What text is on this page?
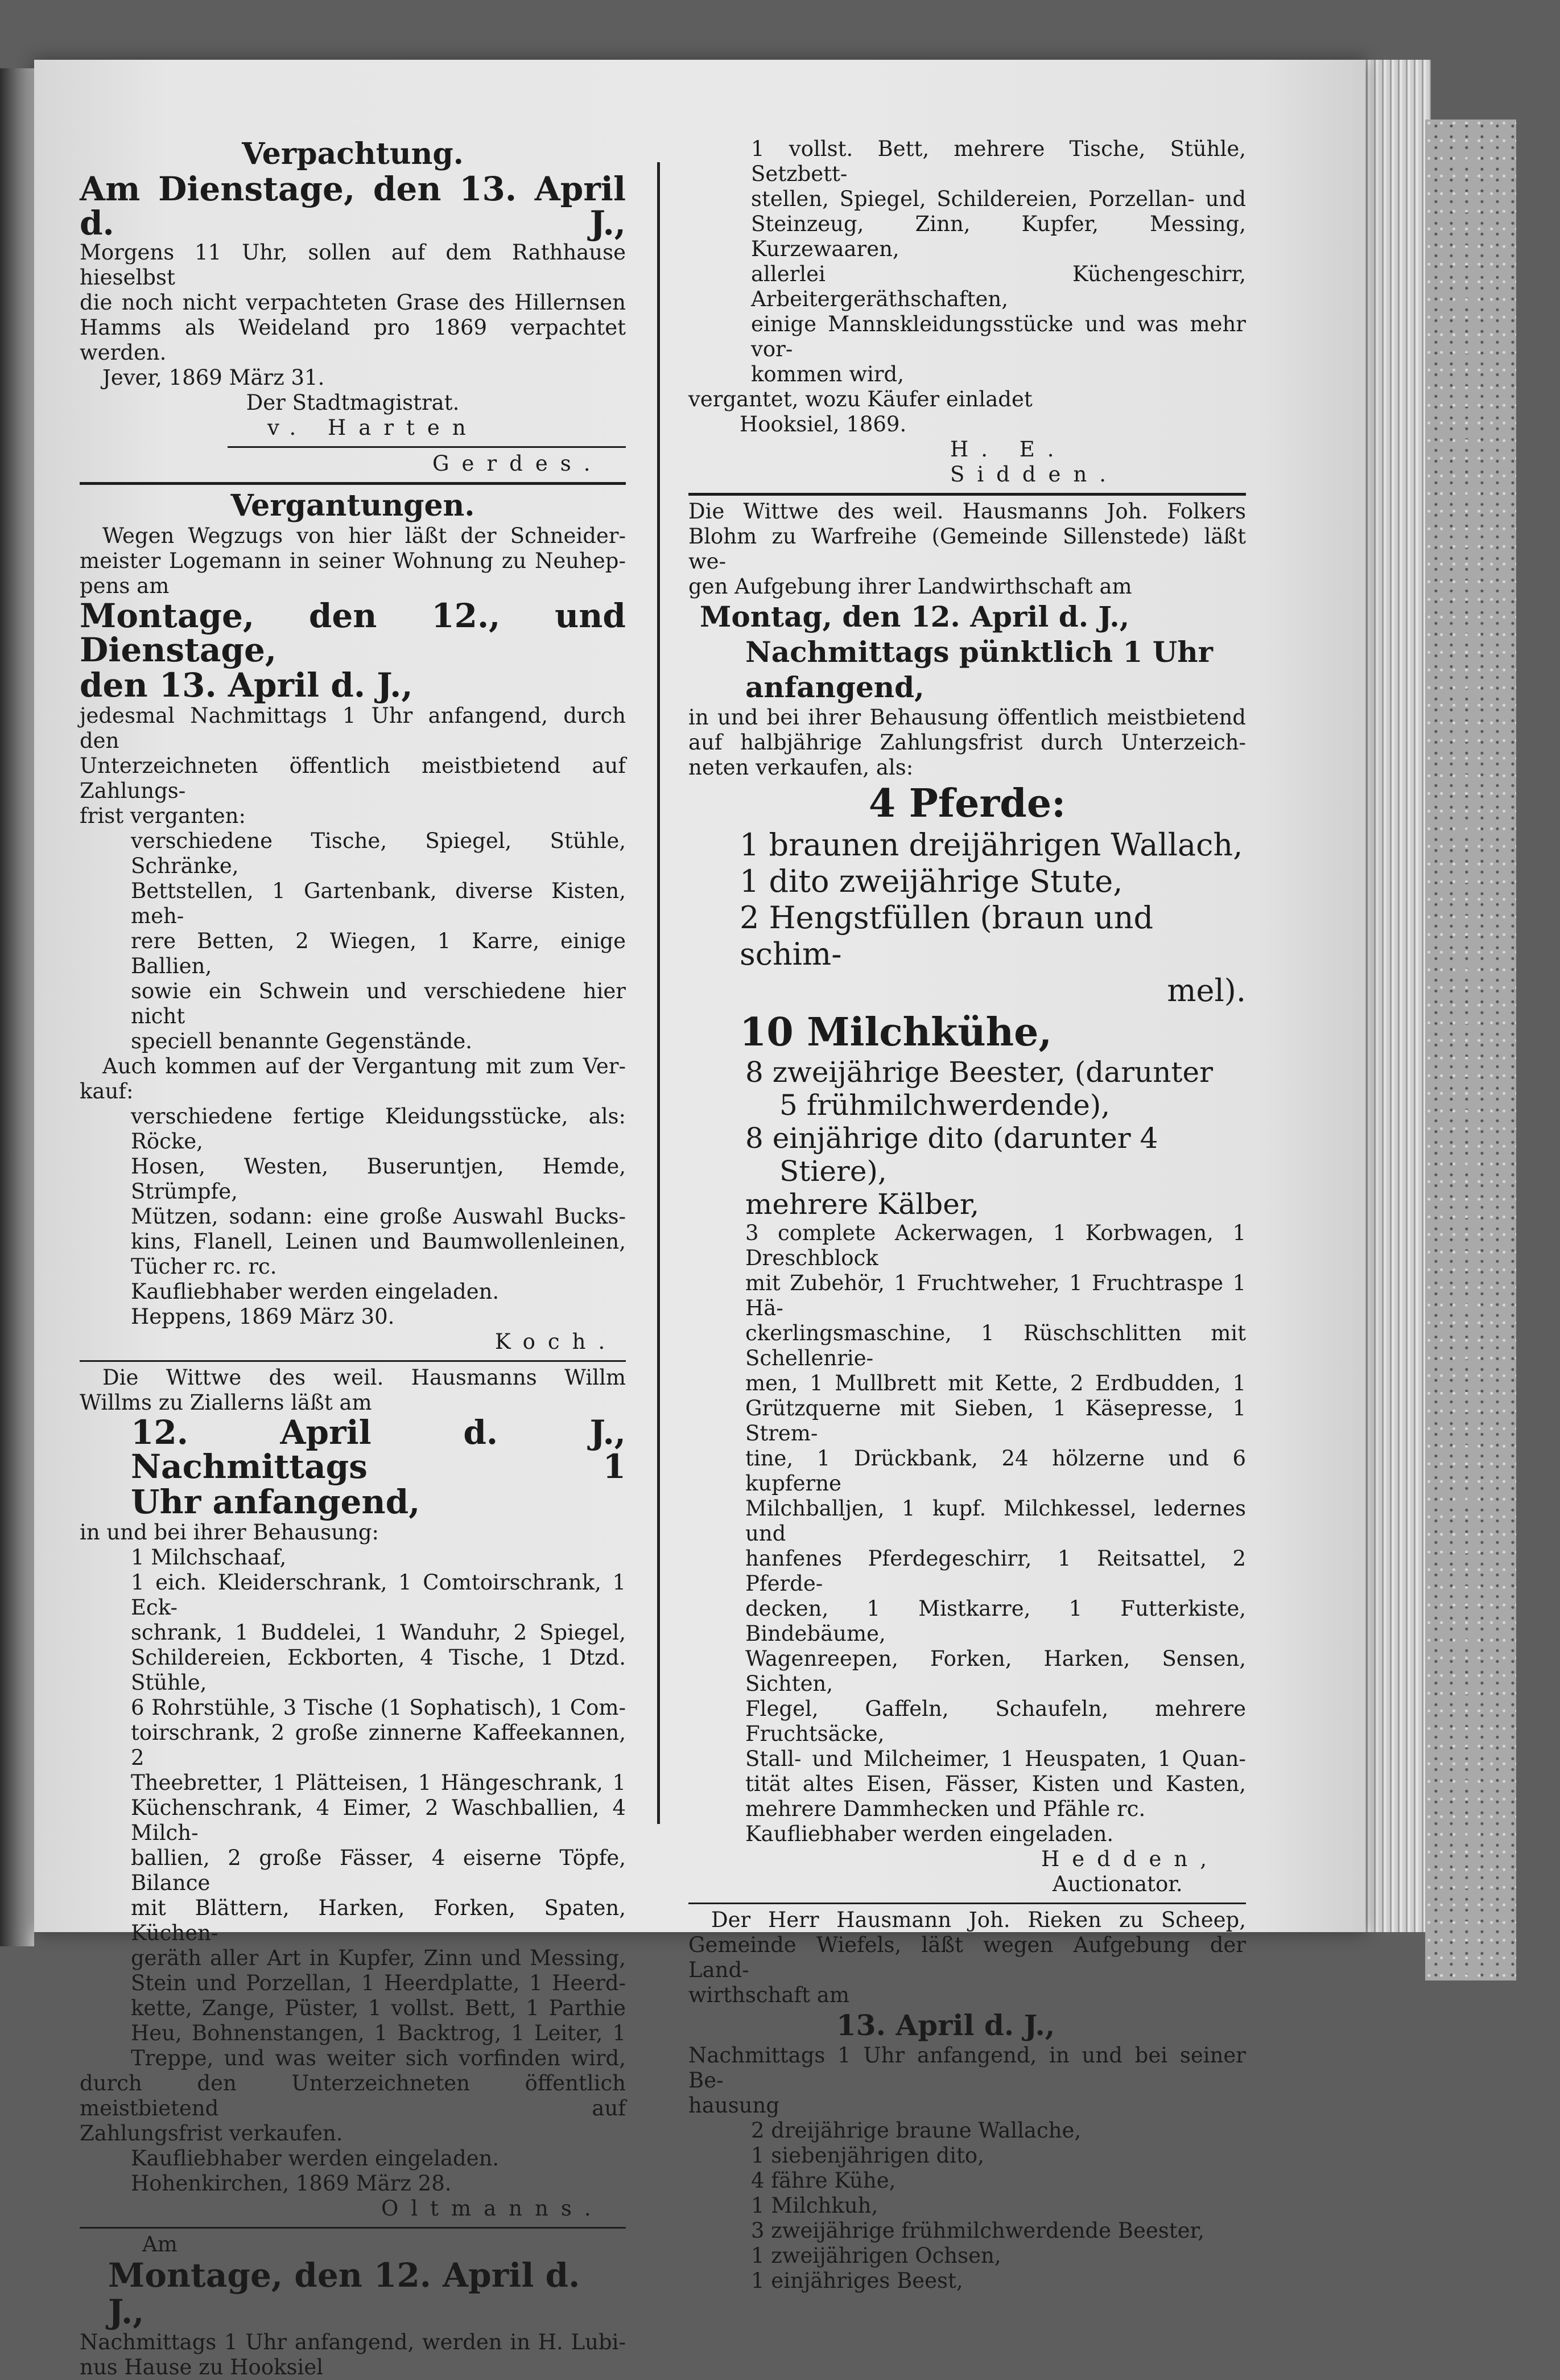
Verpachtung.

Am Dienstage, den 13. April d. J.,

Morgens 11 Uhr, sollen auf dem Rathhause hieselbst

die noch nicht verpachteten Grase des Hillernsen

Hamms als Weideland pro 1869 verpachtet werden.

Jever, 1869 März 31.

Der Stadtmagistrat.

v. Harten

Gerdes.

Vergantungen.

Wegen Wegzugs von hier läßt der Schneider-

meister Logemann in seiner Wohnung zu Neuhep-

pens am

Montage, den 12., und Dienstage,

den 13. April d. J.,

jedesmal Nachmittags 1 Uhr anfangend, durch den

Unterzeichneten öffentlich meistbietend auf Zahlungs-

frist verganten:

verschiedene Tische, Spiegel, Stühle, Schränke,

Bettstellen, 1 Gartenbank, diverse Kisten, meh-

rere Betten, 2 Wiegen, 1 Karre, einige Ballien,

sowie ein Schwein und verschiedene hier nicht

speciell benannte Gegenstände.

Auch kommen auf der Vergantung mit zum Ver-

kauf:

verschiedene fertige Kleidungsstücke, als: Röcke,

Hosen, Westen, Buseruntjen, Hemde, Strümpfe,

Mützen, sodann: eine große Auswahl Bucks-

kins, Flanell, Leinen und Baumwollenleinen,

Tücher rc. rc.

Kaufliebhaber werden eingeladen.

Heppens, 1869 März 30.

Koch.

Die Wittwe des weil. Hausmanns Willm

Willms zu Ziallerns läßt am

12. April d. J., Nachmittags 1

Uhr anfangend,

in und bei ihrer Behausung:

1 Milchschaaf,

1 eich. Kleiderschrank, 1 Comtoirschrank, 1 Eck-

schrank, 1 Buddelei, 1 Wanduhr, 2 Spiegel,

Schildereien, Eckborten, 4 Tische, 1 Dtzd. Stühle,

6 Rohrstühle, 3 Tische (1 Sophatisch), 1 Com-

toirschrank, 2 große zinnerne Kaffeekannen, 2

Theebretter, 1 Plätteisen, 1 Hängeschrank, 1

Küchenschrank, 4 Eimer, 2 Waschballien, 4 Milch-

ballien, 2 große Fässer, 4 eiserne Töpfe, Bilance

mit Blättern, Harken, Forken, Spaten, Küchen-

geräth aller Art in Kupfer, Zinn und Messing,

Stein und Porzellan, 1 Heerdplatte, 1 Heerd-

kette, Zange, Püster, 1 vollst. Bett, 1 Parthie

Heu, Bohnenstangen, 1 Backtrog, 1 Leiter, 1

Treppe, und was weiter sich vorfinden wird,

durch den Unterzeichneten öffentlich meistbietend auf

Zahlungsfrist verkaufen.

Kaufliebhaber werden eingeladen.

Hohenkirchen, 1869 März 28.

Oltmanns.

Am

Montage, den 12. April d. J.,

Nachmittags 1 Uhr anfangend, werden in H. Lubi-

nus Hause zu Hooksiel

1 vollst. Bett, mehrere Tische, Stühle, Setzbett-

stellen, Spiegel, Schildereien, Porzellan- und

Steinzeug, Zinn, Kupfer, Messing, Kurzewaaren,

allerlei Küchengeschirr, Arbeitergeräthschaften,

einige Mannskleidungsstücke und was mehr vor-

kommen wird,

vergantet, wozu Käufer einladet

Hooksiel, 1869.

H. E. Sidden.

Die Wittwe des weil. Hausmanns Joh. Folkers

Blohm zu Warfreihe (Gemeinde Sillenstede) läßt we-

gen Aufgebung ihrer Landwirthschaft am

Montag, den 12. April d. J.,

Nachmittags pünktlich 1 Uhr

anfangend,

in und bei ihrer Behausung öffentlich meistbietend

auf halbjährige Zahlungsfrist durch Unterzeich-

neten verkaufen, als:

4 Pferde:

1 braunen dreijährigen Wallach,

1 dito zweijährige Stute,

2 Hengstfüllen (braun und schim-

mel).

10 Milchkühe,

8 zweijährige Beester, (darunter

5 frühmilchwerdende),

8 einjährige dito (darunter 4

Stiere),

mehrere Kälber,

3 complete Ackerwagen, 1 Korbwagen, 1 Dreschblock

mit Zubehör, 1 Fruchtweher, 1 Fruchtraspe 1 Hä-

ckerlingsmaschine, 1 Rüschschlitten mit Schellenrie-

men, 1 Mullbrett mit Kette, 2 Erdbudden, 1

Grützquerne mit Sieben, 1 Käsepresse, 1 Strem-

tine, 1 Drückbank, 24 hölzerne und 6 kupferne

Milchballjen, 1 kupf. Milchkessel, ledernes und

hanfenes Pferdegeschirr, 1 Reitsattel, 2 Pferde-

decken, 1 Mistkarre, 1 Futterkiste, Bindebäume,

Wagenreepen, Forken, Harken, Sensen, Sichten,

Flegel, Gaffeln, Schaufeln, mehrere Fruchtsäcke,

Stall- und Milcheimer, 1 Heuspaten, 1 Quan-

tität altes Eisen, Fässer, Kisten und Kasten,

mehrere Dammhecken und Pfähle rc.

Kaufliebhaber werden eingeladen.

Hedden,

Auctionator.

Der Herr Hausmann Joh. Rieken zu Scheep,

Gemeinde Wiefels, läßt wegen Aufgebung der Land-

wirthschaft am

13. April d. J.,

Nachmittags 1 Uhr anfangend, in und bei seiner Be-

hausung

2 dreijährige braune Wallache,

1 siebenjährigen dito,

4 fähre Kühe,

1 Milchkuh,

3 zweijährige frühmilchwerdende Beester,

1 zweijährigen Ochsen,

1 einjähriges Beest,
